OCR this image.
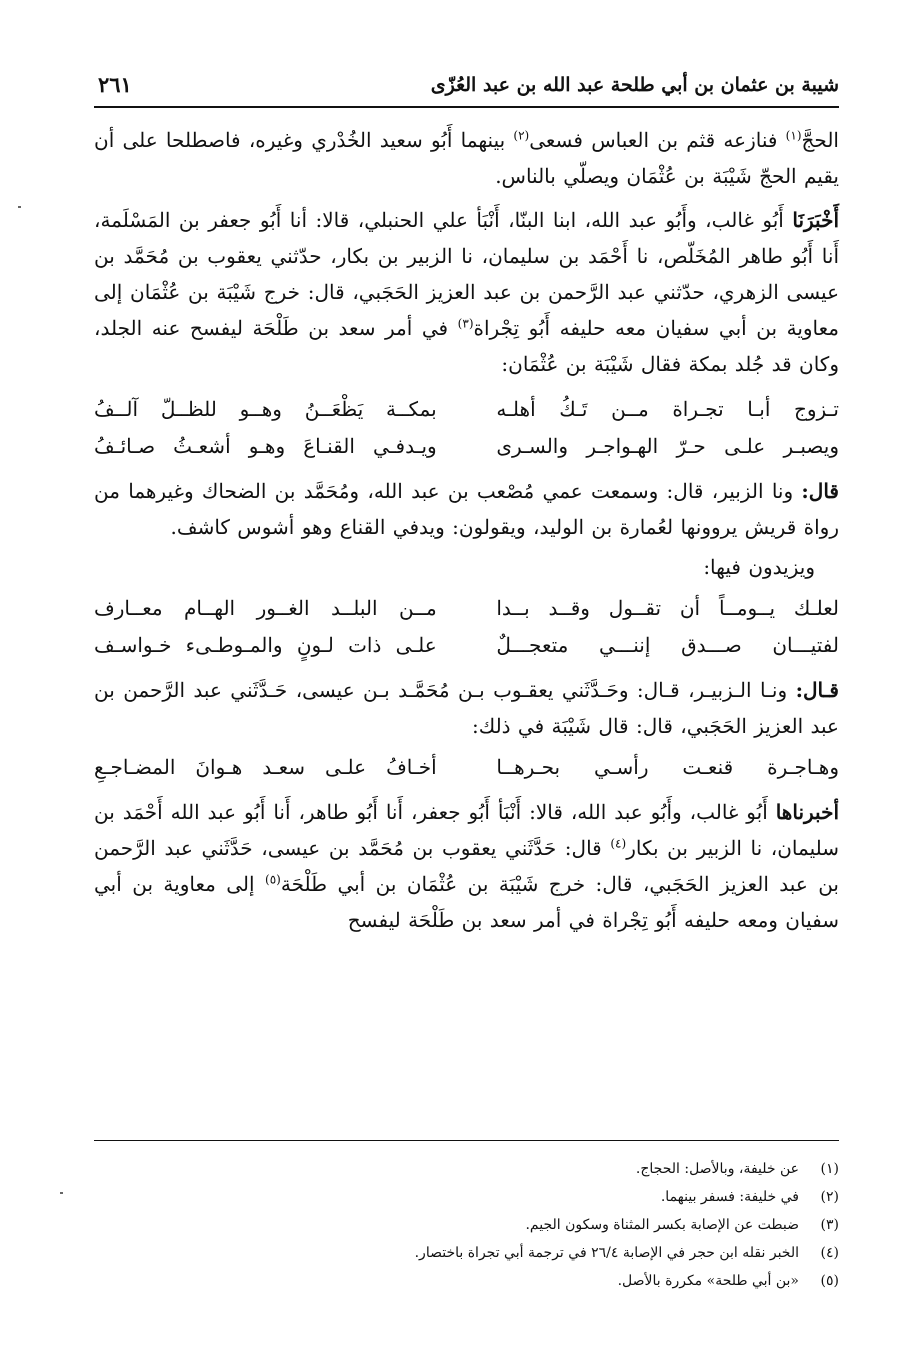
شيبة بن عثمان بن أبي طلحة عبد الله بن عبد العُزّى
٢٦١

الحجَّ$^{(١)}$ فنازعه قثم بن العباس فسعى$^{(٢)}$ بينهما أَبُو سعيد الخُدْري وغيره، فاصطلحا على أن يقيم الحجّ شَيْبَة بن عُثْمَان ويصلّي بالناس.

أَخْبَرَنَا أَبُو غالب، وأَبُو عبد الله، ابنا البنّا، أَنْبَأ علي الحنبلي، قالا: أنا أَبُو جعفر بن المَسْلَمة، أَنا أَبُو طاهر المُخَلّص، نا أَحْمَد بن سليمان، نا الزبير بن بكار، حدّثني يعقوب بن مُحَمَّد بن عيسى الزهري، حدّثني عبد الرَّحمن بن عبد العزيز الحَجَبي، قال: خرج شَيْبَة بن عُثْمَان إلى معاوية بن أبي سفيان معه حليفه أَبُو تِجْراة$^{(٣)}$ في أمر سعد بن طَلْحَة ليفسح عنه الجلد، وكان قد جُلد بمكة فقال شَيْبَة بن عُثْمَان:

تـزوج أبـا تجـراة مــن تَـكُ أهلـه
بمكــة يَظْعَــنُ وهــو للظــلّ آلــفُ
ويصبـر علـى حـرّ الهـواجـر والسـرى
ويـدفـي القنـاعَ وهـو أشعـثُ صـائـفُ

قال: ونا الزبير، قال: وسمعت عمي مُصْعب بن عبد الله، ومُحَمَّد بن الضحاك وغيرهما من رواة قريش يروونها لعُمارة بن الوليد، ويقولون: ويدفي القناع وهو أشوس كاشف.

ويزيدون فيها:

لعلـك يــومــاً أن تقــول وقــد بــدا
مــن البلــد الغــور الهــام معــارف
لفتيـــان صـــدق إننـــي متعجـــلٌ
علـى ذات لـونٍ والمـوطـىء خـواسـف

قـال: ونـا الـزبيـر، قـال: وحَـدَّثَني يعقـوب بـن مُحَمَّـد بـن عيسى، حَـدَّثَني عبد الرَّحمن بن عبد العزيز الحَجَبي، قال: قال شَيْبَة في ذلك:

وهـاجـرة قنعـت رأسـي بحـرهــا
أخـافُ علـى سعـد هـوانَ المضـاجـعِ

أخبرناها أَبُو غالب، وأَبُو عبد الله، قالا: أَنْبَأ أَبُو جعفر، أَنا أَبُو طاهر، أَنا أَبُو عبد الله أَحْمَد بن سليمان، نا الزبير بن بكار$^{(٤)}$ قال: حَدَّثَني يعقوب بن مُحَمَّد بن عيسى، حَدَّثَني عبد الرَّحمن بن عبد العزيز الحَجَبي، قال: خرج شَيْبَة بن عُثْمَان بن أبي طَلْحَة$^{(٥)}$ إلى معاوية بن أبي سفيان ومعه حليفه أَبُو تِجْراة في أمر سعد بن طَلْحَة ليفسح

(١)
عن خليفة، وبالأصل: الحجاج.
(٢)
في خليفة: فسفر بينهما.
(٣)
ضبطت عن الإصابة بكسر المثناة وسكون الجيم.
(٤)
الخبر نقله ابن حجر في الإصابة ٢٦/٤ في ترجمة أبي تجراة باختصار.
(٥)
«بن أبي طلحة» مكررة بالأصل.
